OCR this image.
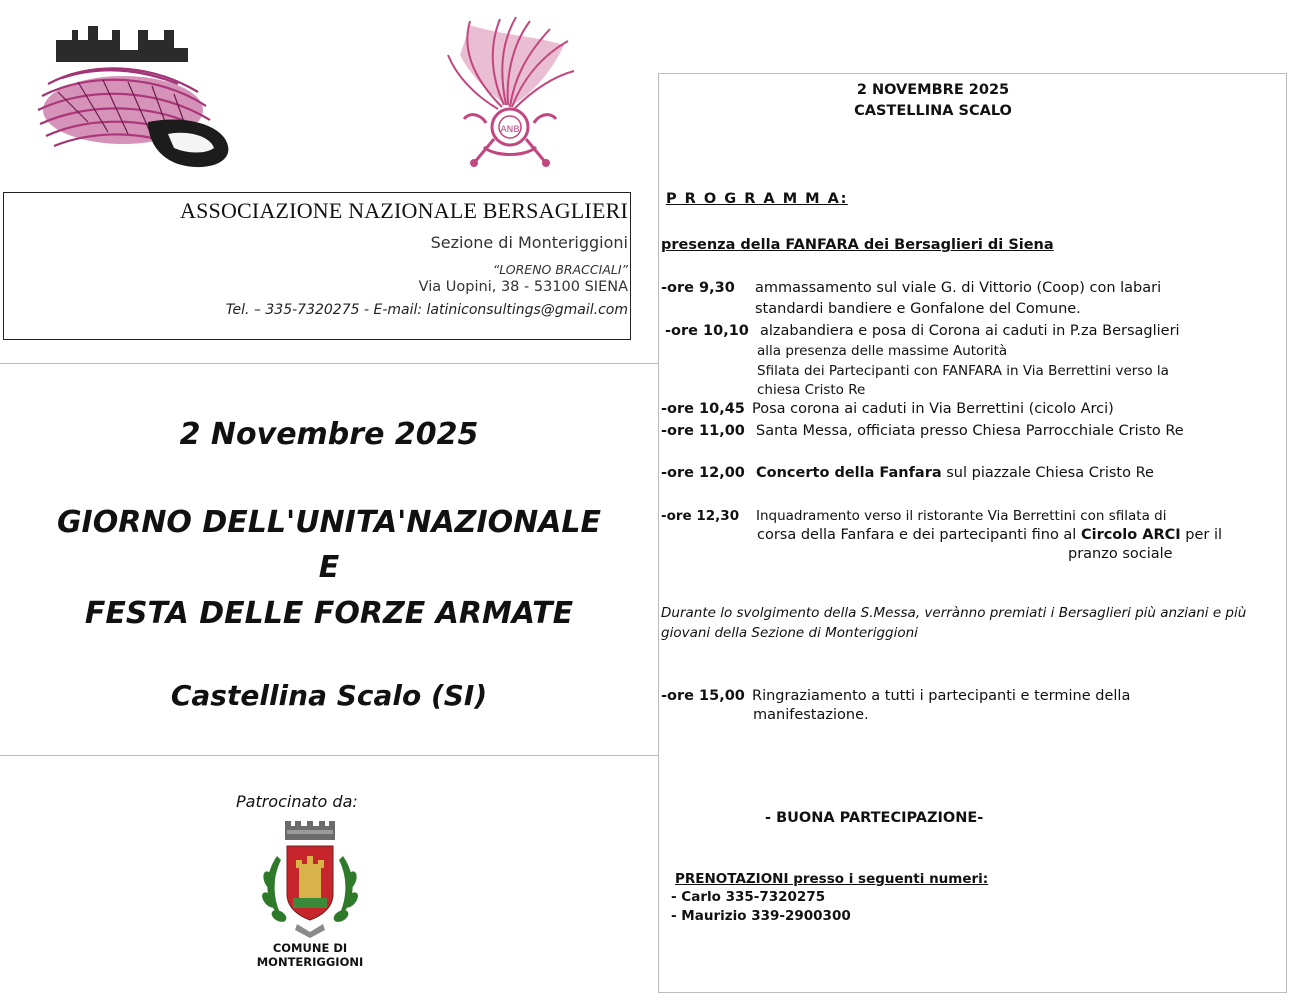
ANB
ASSOCIAZIONE NAZIONALE BERSAGLIERI
Sezione di Monteriggioni
“LORENO BRACCIALI”
Via Uopini, 38 - 53100 SIENA
Tel. – 335-7320275 - E-mail: latiniconsultings@gmail.com
2 Novembre 2025
GIORNO DELL'UNITA'NAZIONALE
E
FESTA DELLE FORZE ARMATE
Castellina Scalo (SI)
Patrocinato da:
COMUNE DI
MONTERIGGIONI
2 NOVEMBRE 2025
CASTELLINA SCALO
P R O G R A M M A:
presenza della FANFARA dei Bersaglieri di Siena
-ore 9,30 ammassamento sul viale G. di Vittorio (Coop) con labari
standardi bandiere e Gonfalone del Comune.
-ore 10,10 alzabandiera e posa di Corona ai caduti in P.za Bersaglieri
alla presenza delle massime Autorità
Sfilata dei Partecipanti con FANFARA in Via Berrettini verso la
chiesa Cristo Re
-ore 10,45 Posa corona ai caduti in Via Berrettini (cicolo Arci)
-ore 11,00 Santa Messa, officiata presso Chiesa Parrocchiale Cristo Re
-ore 12,00 Concerto della Fanfara sul piazzale Chiesa Cristo Re
-ore 12,30 Inquadramento verso il ristorante Via Berrettini con sfilata di
corsa della Fanfara e dei partecipanti fino al Circolo ARCI per il
pranzo sociale
Durante lo svolgimento della S.Messa, verrànno premiati i Bersaglieri più anziani e più
giovani della Sezione di Monteriggioni
-ore 15,00 Ringraziamento a tutti i partecipanti e termine della
manifestazione.
- BUONA PARTECIPAZIONE-
PRENOTAZIONI presso i seguenti numeri:
- Carlo 335-7320275
- Maurizio 339-2900300
